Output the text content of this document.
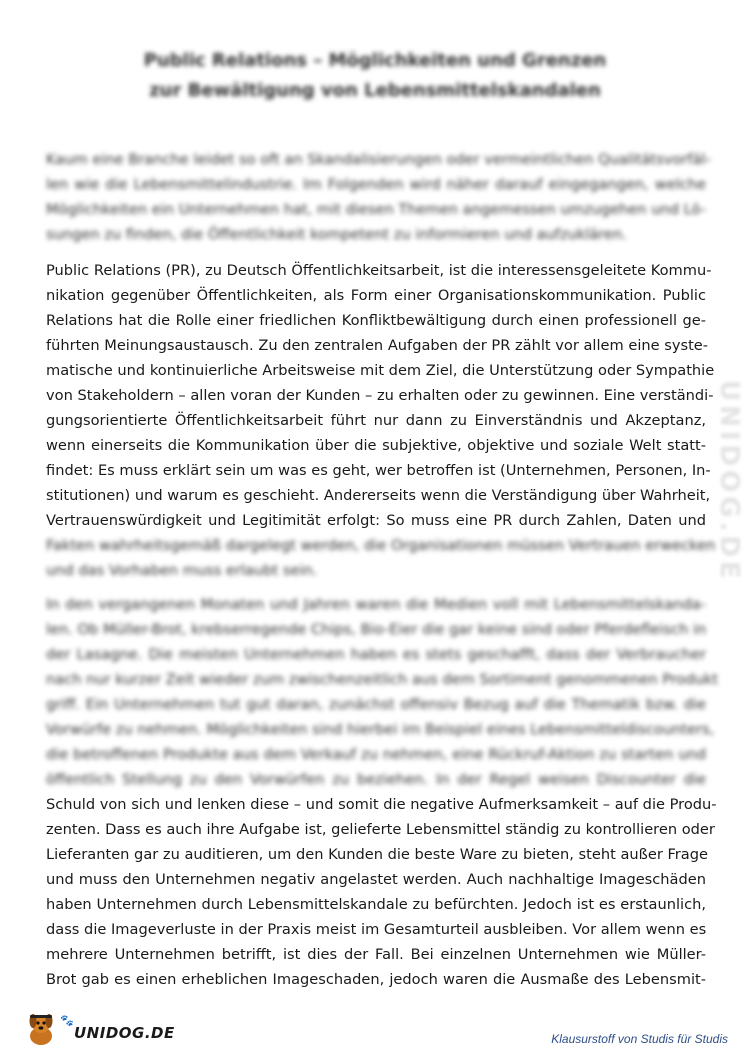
Public Relations – Möglichkeiten und Grenzen
zur Bewältigung von Lebensmittelskandalen
Kaum eine Branche leidet so oft an Skandalisierungen oder vermeintlichen Qualitätsvorfäl-
len wie die Lebensmittelindustrie. Im Folgenden wird näher darauf eingegangen, welche
Möglichkeiten ein Unternehmen hat, mit diesen Themen angemessen umzugehen und Lö-
sungen zu finden, die Öffentlichkeit kompetent zu informieren und aufzuklären.
Public Relations (PR), zu Deutsch Öffentlichkeitsarbeit, ist die interessensgeleitete Kommu-
nikation gegenüber Öffentlichkeiten, als Form einer Organisationskommunikation. Public
Relations hat die Rolle einer friedlichen Konfliktbewältigung durch einen professionell ge-
führten Meinungsaustausch. Zu den zentralen Aufgaben der PR zählt vor allem eine syste-
matische und kontinuierliche Arbeitsweise mit dem Ziel, die Unterstützung oder Sympathie
von Stakeholdern – allen voran der Kunden – zu erhalten oder zu gewinnen. Eine verständi-
gungsorientierte Öffentlichkeitsarbeit führt nur dann zu Einverständnis und Akzeptanz,
wenn einerseits die Kommunikation über die subjektive, objektive und soziale Welt statt-
findet: Es muss erklärt sein um was es geht, wer betroffen ist (Unternehmen, Personen, In-
stitutionen) und warum es geschieht. Andererseits wenn die Verständigung über Wahrheit,
Vertrauenswürdigkeit und Legitimität erfolgt: So muss eine PR durch Zahlen, Daten und
Fakten wahrheitsgemäß dargelegt werden, die Organisationen müssen Vertrauen erwecken
und das Vorhaben muss erlaubt sein.
In den vergangenen Monaten und Jahren waren die Medien voll mit Lebensmittelskanda-
len. Ob Müller-Brot, krebserregende Chips, Bio-Eier die gar keine sind oder Pferdefleisch in
der Lasagne. Die meisten Unternehmen haben es stets geschafft, dass der Verbraucher
nach nur kurzer Zeit wieder zum zwischenzeitlich aus dem Sortiment genommenen Produkt
griff. Ein Unternehmen tut gut daran, zunächst offensiv Bezug auf die Thematik bzw. die
Vorwürfe zu nehmen. Möglichkeiten sind hierbei im Beispiel eines Lebensmitteldiscounters,
die betroffenen Produkte aus dem Verkauf zu nehmen, eine Rückruf-Aktion zu starten und
öffentlich Stellung zu den Vorwürfen zu beziehen. In der Regel weisen Discounter die
Schuld von sich und lenken diese – und somit die negative Aufmerksamkeit – auf die Produ-
zenten. Dass es auch ihre Aufgabe ist, gelieferte Lebensmittel ständig zu kontrollieren oder
Lieferanten gar zu auditieren, um den Kunden die beste Ware zu bieten, steht außer Frage
und muss den Unternehmen negativ angelastet werden. Auch nachhaltige Imageschäden
haben Unternehmen durch Lebensmittelskandale zu befürchten. Jedoch ist es erstaunlich,
dass die Imageverluste in der Praxis meist im Gesamturteil ausbleiben. Vor allem wenn es
mehrere Unternehmen betrifft, ist dies der Fall. Bei einzelnen Unternehmen wie Müller-
Brot gab es einen erheblichen Imageschaden, jedoch waren die Ausmaße des Lebensmit-
UNIDOG.DE
🐾
UNIDOG.DE	Klausurstoff von Studis für Studis
